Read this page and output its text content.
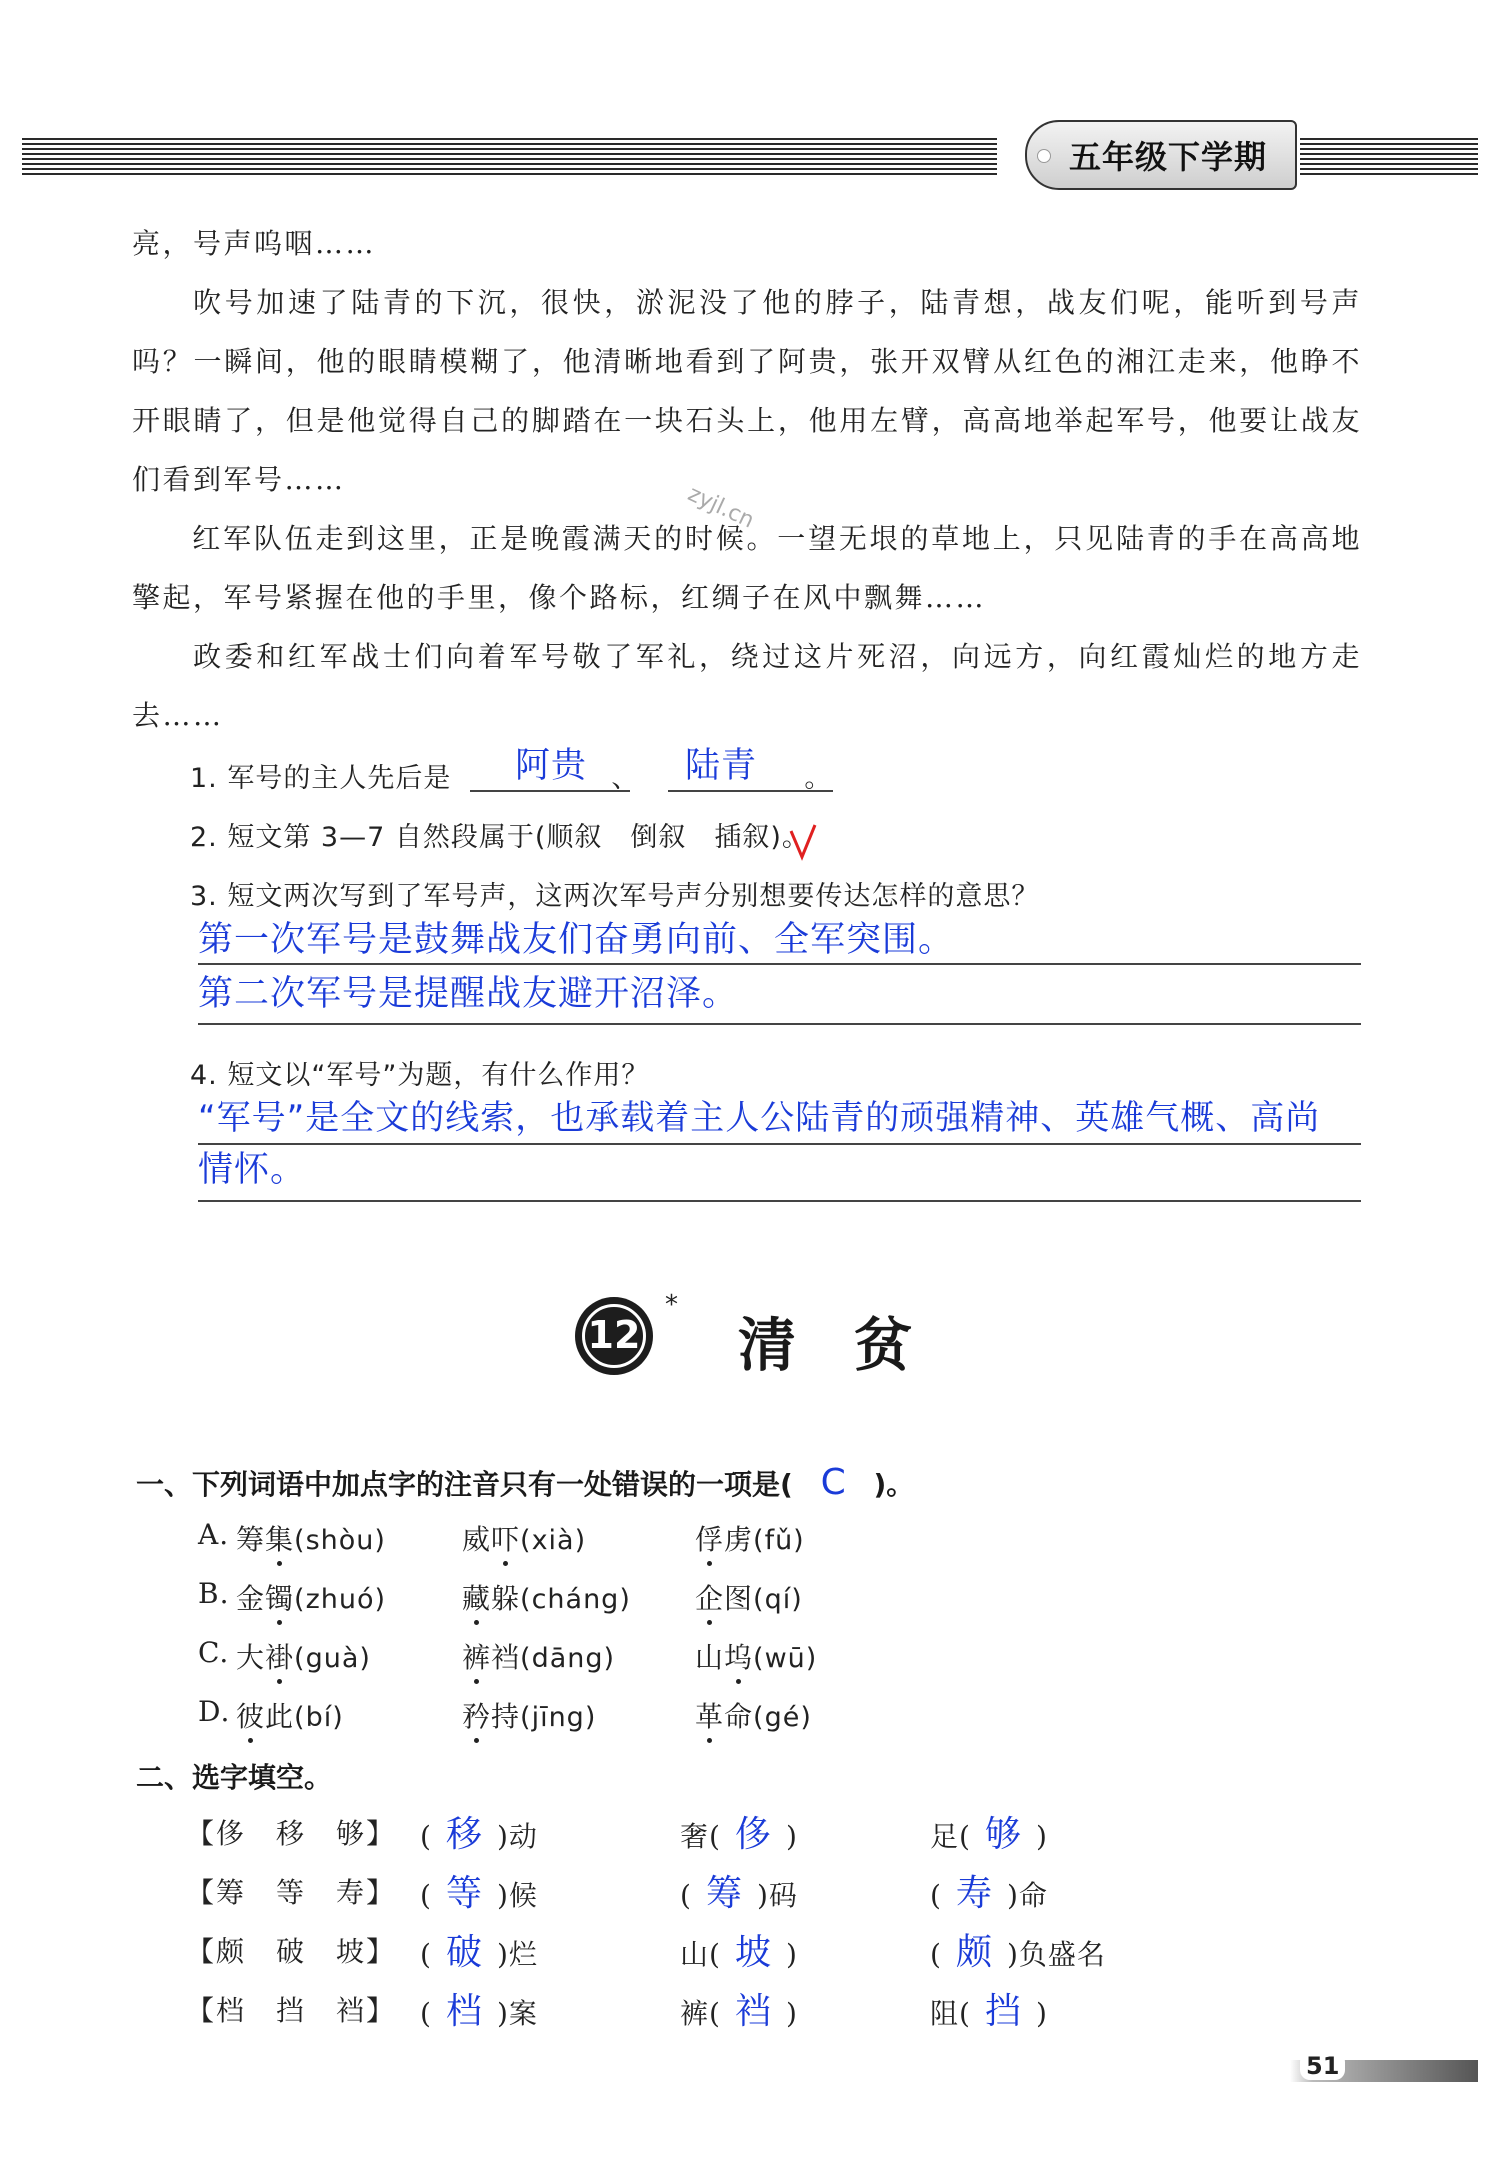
五年级下学期
亮，号声呜咽……
吹号加速了陆青的下沉，很快，淤泥没了他的脖子，陆青想，战友们呢，能听到号声吗？一瞬间，他的眼睛模糊了，他清晰地看到了阿贵，张开双臂从红色的湘江走来，他睁不开眼睛了，但是他觉得自己的脚踏在一块石头上，他用左臂，高高地举起军号，他要让战友们看到军号……
红军队伍走到这里，正是晚霞满天的时候。一望无垠的草地上，只见陆青的手在高高地擎起，军号紧握在他的手里，像个路标，红绸子在风中飘舞……
政委和红军战士们向着军号敬了军礼，绕过这片死沼，向远方，向红霞灿烂的地方走去……
zyjl.cn
1. 军号的主人先后是	、	。
阿贵	陆青
2. 短文第 3—7 自然段属于(顺叙　倒叙　插叙)。
3. 短文两次写到了军号声，这两次军号声分别想要传达怎样的意思？
第一次军号是鼓舞战友们奋勇向前、全军突围。
第二次军号是提醒战友避开沼泽。
4. 短文以“军号”为题，有什么作用？
“军号”是全文的线索，也承载着主人公陆青的顽强精神、英雄气概、高尚
情怀。
12
*
清　贫
一、下列词语中加点字的注音只有一处错误的一项是( C )。
A. 筹集(shòu)	威吓(xià)	俘虏(fǔ)
B. 金镯(zhuó)	藏躲(cháng) 企图(qí)
C. 大褂(guà)	裤裆(dāng)	山坞(wū)
D. 彼此(bí)	矜持(jīng)	革命(gé)
二、选字填空。
【侈　移　够】 ( 移 )动	奢( 侈 )	足( 够 )
【筹　等　寿】 ( 等 )候	( 筹 )码	( 寿 )命
【颇　破　坡】 ( 破 )烂	山( 坡 )	( 颇 )负盛名
【档　挡　裆】 ( 档 )案	裤( 裆 )	阻( 挡 )
51
